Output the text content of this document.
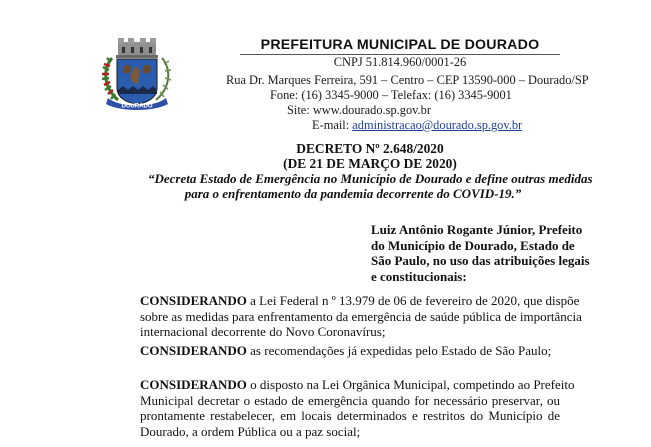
DOURADO
PREFEITURA MUNICIPAL DE DOURADO
CNPJ 51.814.960/0001-26
Rua Dr. Marques Ferreira, 591 – Centro – CEP 13590-000 – Dourado/SP
Fone: (16) 3345-9000 – Telefax: (16) 3345-9001
Site: www.dourado.sp.gov.br
E-mail: administracao@dourado.sp.gov.br
DECRETO Nº 2.648/2020
(DE 21 DE MARÇO DE 2020)
“Decreta Estado de Emergência no Município de Dourado e define outras medidas
para o enfrentamento da pandemia decorrente do COVID-19.”
Luiz Antônio Rogante Júnior, Prefeito
do Município de Dourado, Estado de
São Paulo, no uso das atribuições legais
e constitucionais:
CONSIDERANDO a Lei Federal n º 13.979 de 06 de fevereiro de 2020, que dispõe
sobre as medidas para enfrentamento da emergência de saúde pública de importância
internacional decorrente do Novo Coronavírus;
CONSIDERANDO as recomendações já expedidas pelo Estado de São Paulo;
CONSIDERANDO o disposto na Lei Orgânica Municipal, competindo ao Prefeito
Municipal decretar o estado de emergência quando for necessário preservar, ou
prontamente restabelecer, em locais determinados e restritos do Município de
Dourado, a ordem Pública ou a paz social;
